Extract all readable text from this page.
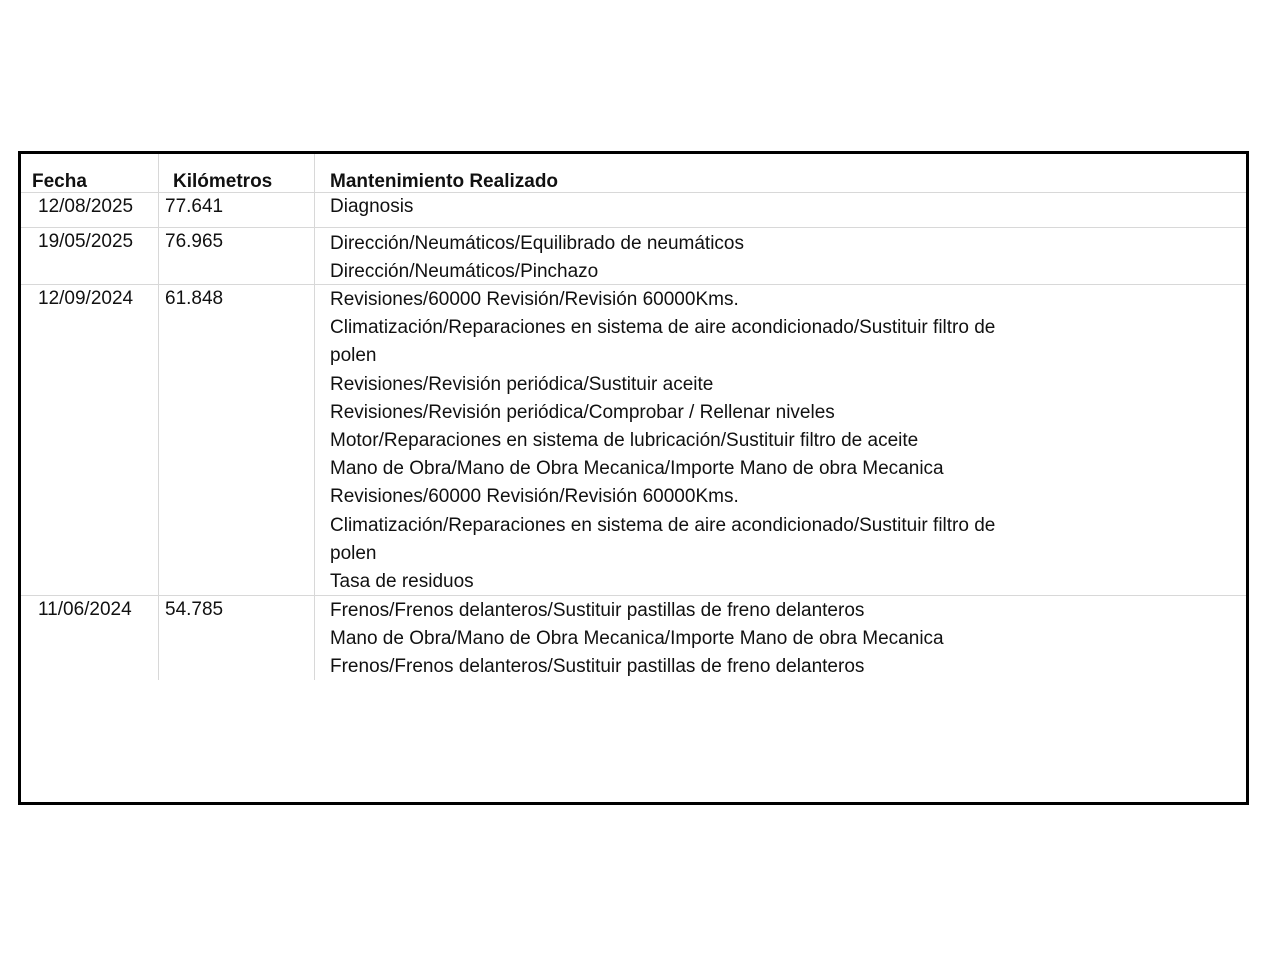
Fecha	Kilómetros	Mantenimiento Realizado
12/08/2025 77.641	Diagnosis
19/05/2025 76.965	Dirección/Neumáticos/Equilibrado de neumáticos
Dirección/Neumáticos/Pinchazo
12/09/2024 61.848	Revisiones/60000 Revisión/Revisión 60000Kms.
Climatización/Reparaciones en sistema de aire acondicionado/Sustituir filtro de
polen
Revisiones/Revisión periódica/Sustituir aceite
Revisiones/Revisión periódica/Comprobar / Rellenar niveles
Motor/Reparaciones en sistema de lubricación/Sustituir filtro de aceite
Mano de Obra/Mano de Obra Mecanica/Importe Mano de obra Mecanica
Revisiones/60000 Revisión/Revisión 60000Kms.
Climatización/Reparaciones en sistema de aire acondicionado/Sustituir filtro de
polen
Tasa de residuos
11/06/2024 54.785	Frenos/Frenos delanteros/Sustituir pastillas de freno delanteros
Mano de Obra/Mano de Obra Mecanica/Importe Mano de obra Mecanica
Frenos/Frenos delanteros/Sustituir pastillas de freno delanteros
